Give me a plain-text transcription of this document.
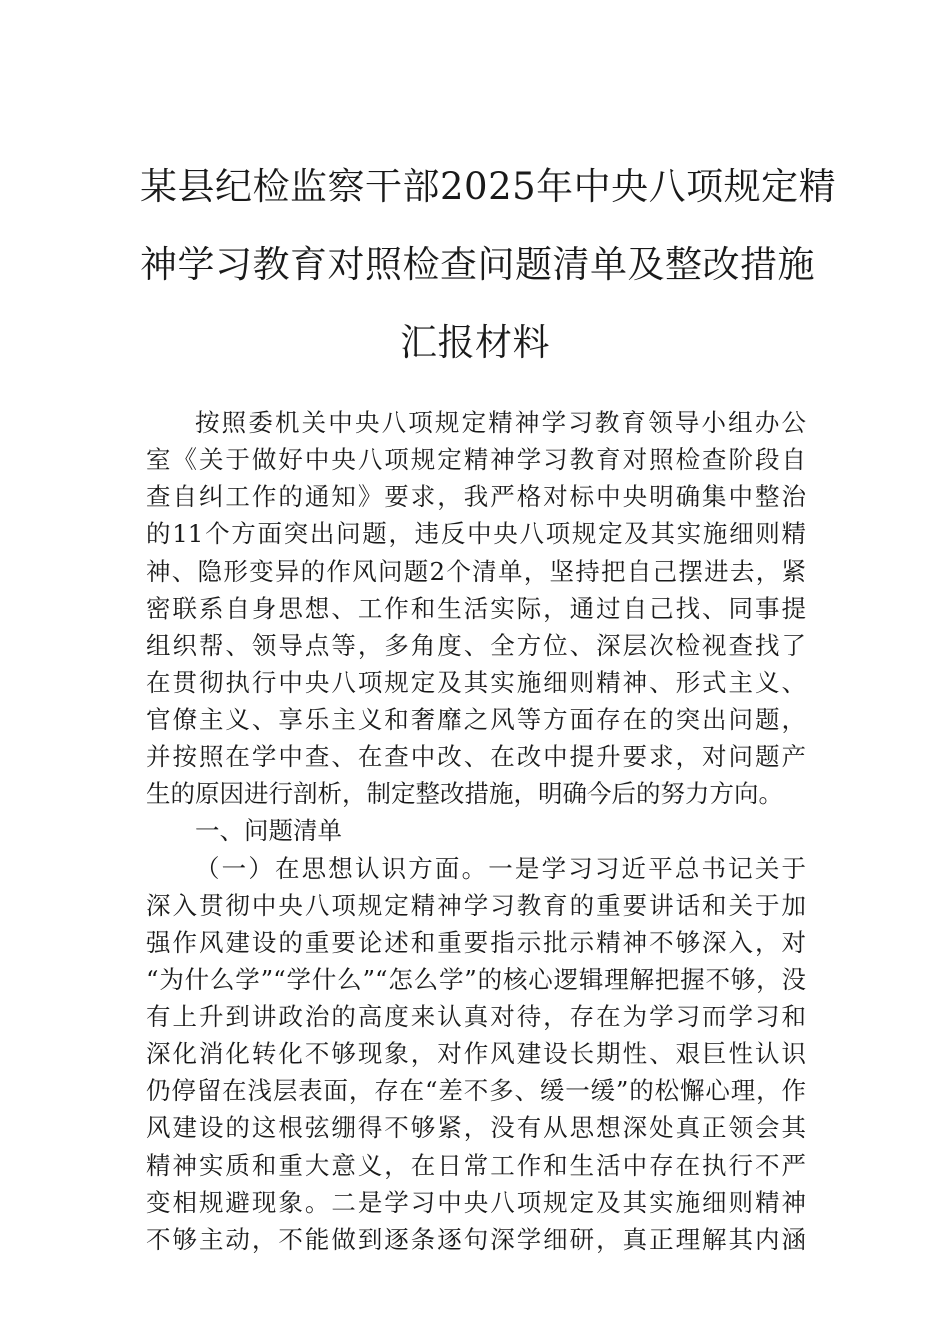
某县纪检监察干部2025年中央八项规定精
神学习教育对照检查问题清单及整改措施
汇报材料
按照委机关中央八项规定精神学习教育领导小组办公
室《关于做好中央八项规定精神学习教育对照检查阶段自
查自纠工作的通知》要求，我严格对标中央明确集中整治
的11个方面突出问题，违反中央八项规定及其实施细则精
神、隐形变异的作风问题2个清单，坚持把自己摆进去，紧
密联系自身思想、工作和生活实际，通过自己找、同事提
组织帮、领导点等，多角度、全方位、深层次检视查找了
在贯彻执行中央八项规定及其实施细则精神、形式主义、
官僚主义、享乐主义和奢靡之风等方面存在的突出问题，
并按照在学中查、在查中改、在改中提升要求，对问题产
生的原因进行剖析，制定整改措施，明确今后的努力方向。
一、问题清单
（一）在思想认识方面。一是学习习近平总书记关于
深入贯彻中央八项规定精神学习教育的重要讲话和关于加
强作风建设的重要论述和重要指示批示精神不够深入，对
“为什么学”“学什么”“怎么学”的核心逻辑理解把握不够，没
有上升到讲政治的高度来认真对待，存在为学习而学习和
深化消化转化不够现象，对作风建设长期性、艰巨性认识
仍停留在浅层表面，存在“差不多、缓一缓”的松懈心理，作
风建设的这根弦绷得不够紧，没有从思想深处真正领会其
精神实质和重大意义，在日常工作和生活中存在执行不严
变相规避现象。二是学习中央八项规定及其实施细则精神
不够主动，不能做到逐条逐句深学细研，真正理解其内涵
